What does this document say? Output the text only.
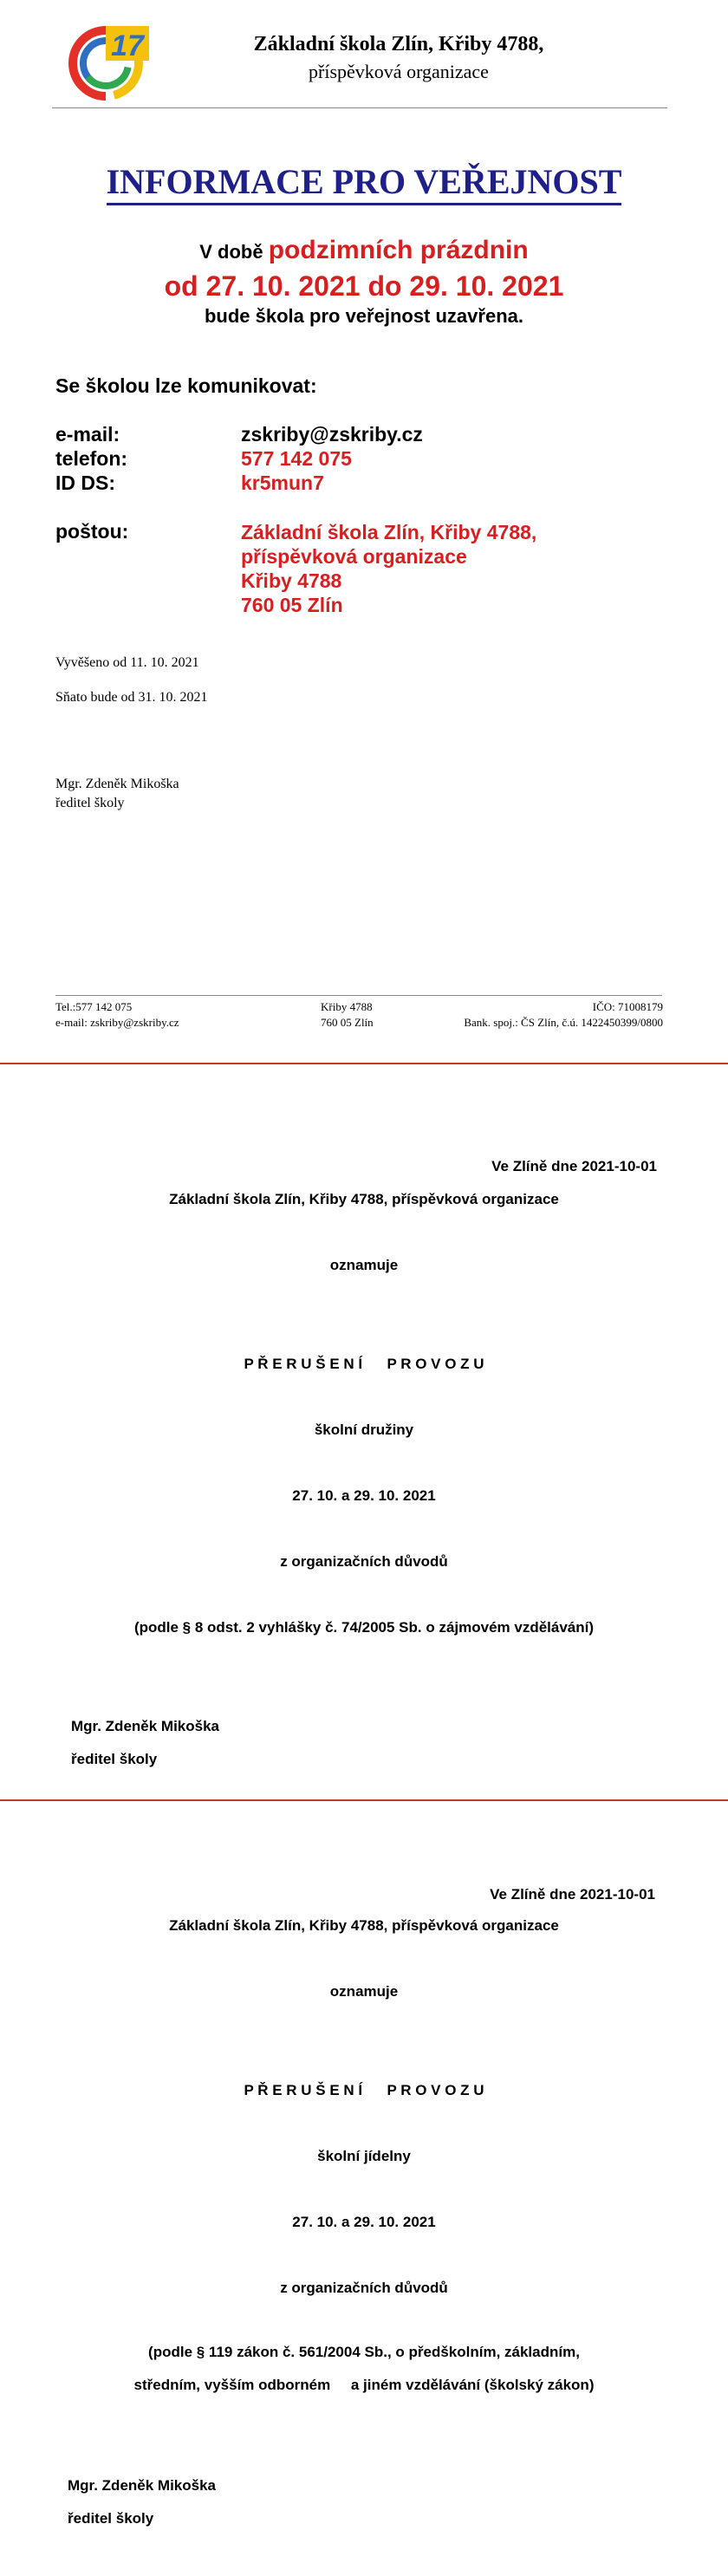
17	Základní škola Zlín, Křiby 4788,
příspěvková organizace
INFORMACE PRO VEŘEJNOST
V době podzimních prázdnin
od 27. 10. 2021 do 29. 10. 2021
bude škola pro veřejnost uzavřena.
Se školou lze komunikovat:
e-mail:	zskriby@zskriby.cz
telefon:	577 142 075
ID DS:	kr5mun7
poštou:	Základní škola Zlín, Křiby 4788,
příspěvková organizace
Křiby 4788
760 05 Zlín
Vyvěšeno od 11. 10. 2021
Sňato bude od 31. 10. 2021
Mgr. Zdeněk Mikoška
ředitel školy
Tel.:577 142 075
e-mail: zskriby@zskriby.cz
Křiby 4788
760 05 Zlín
IČO: 71008179
Bank. spoj.: ČS Zlín, č.ú. 1422450399/0800
Ve Zlíně dne 2021-10-01
Základní škola Zlín, Křiby 4788, příspěvková organizace
oznamuje
P Ř E R U Š E N Í      P R O V O Z U
školní družiny
27. 10. a 29. 10. 2021
z organizačních důvodů
(podle § 8 odst. 2 vyhlášky č. 74/2005 Sb. o zájmovém vzdělávání)
Mgr. Zdeněk Mikoška
ředitel školy
Ve Zlíně dne 2021-10-01
Základní škola Zlín, Křiby 4788, příspěvková organizace
oznamuje
P Ř E R U Š E N Í      P R O V O Z U
školní jídelny
27. 10. a 29. 10. 2021
z organizačních důvodů
(podle § 119 zákon č. 561/2004 Sb., o předškolním, základním,
středním, vyšším odborném     a jiném vzdělávání (školský zákon)
Mgr. Zdeněk Mikoška
ředitel školy
